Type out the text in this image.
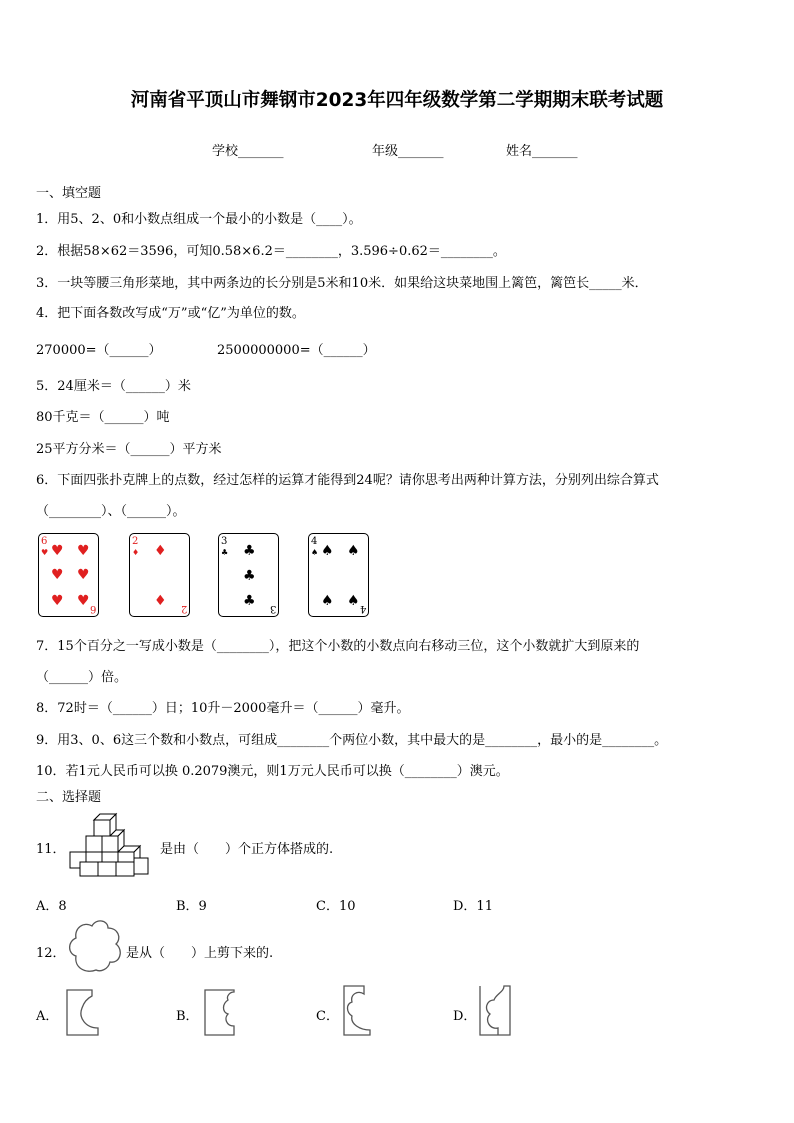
河南省平顶山市舞钢市2023年四年级数学第二学期期末联考试题
学校_______	年级_______	姓名_______
一、填空题
1．用5、2、0和小数点组成一个最小的小数是（____）。
2．根据58×62＝3596，可知0.58×6.2＝________，3.596÷0.62＝________。
3．一块等腰三角形菜地，其中两条边的长分别是5米和10米．如果给这块菜地围上篱笆，篱笆长_____米．
4．把下面各数改写成“万”或“亿”为单位的数。
270000=（______）	2500000000=（______）
5．24厘米＝（______）米
80千克＝（______）吨
25平方分米＝（______）平方米
6．下面四张扑克牌上的点数，经过怎样的运算才能得到24呢？请你思考出两种计算方法，分别列出综合算式
（________）、（______）。
6
♥ ♥ ♥
♥ ♥
♥ ♥ 6
2
♦ ♦
♦ 2
3
♣ ♣
♣
♣ 3
4
♠ ♠ ♠
♠ ♠ 4
7．15个百分之一写成小数是（________），把这个小数的小数点向右移动三位，这个小数就扩大到原来的
（______）倍。
8．72时＝（______）日；10升－2000毫升＝（______）毫升。
9．用3、0、6这三个数和小数点，可组成________个两位小数，其中最大的是________，最小的是________。
10．若1元人民币可以换 0.2079澳元，则1万元人民币可以换（________）澳元。
二、选择题
11．	是由（　　）个正方体搭成的.
A．8	B．9	C．10	D．11
12．	是从（　　）上剪下来的.
A．	B．	C．	D．
